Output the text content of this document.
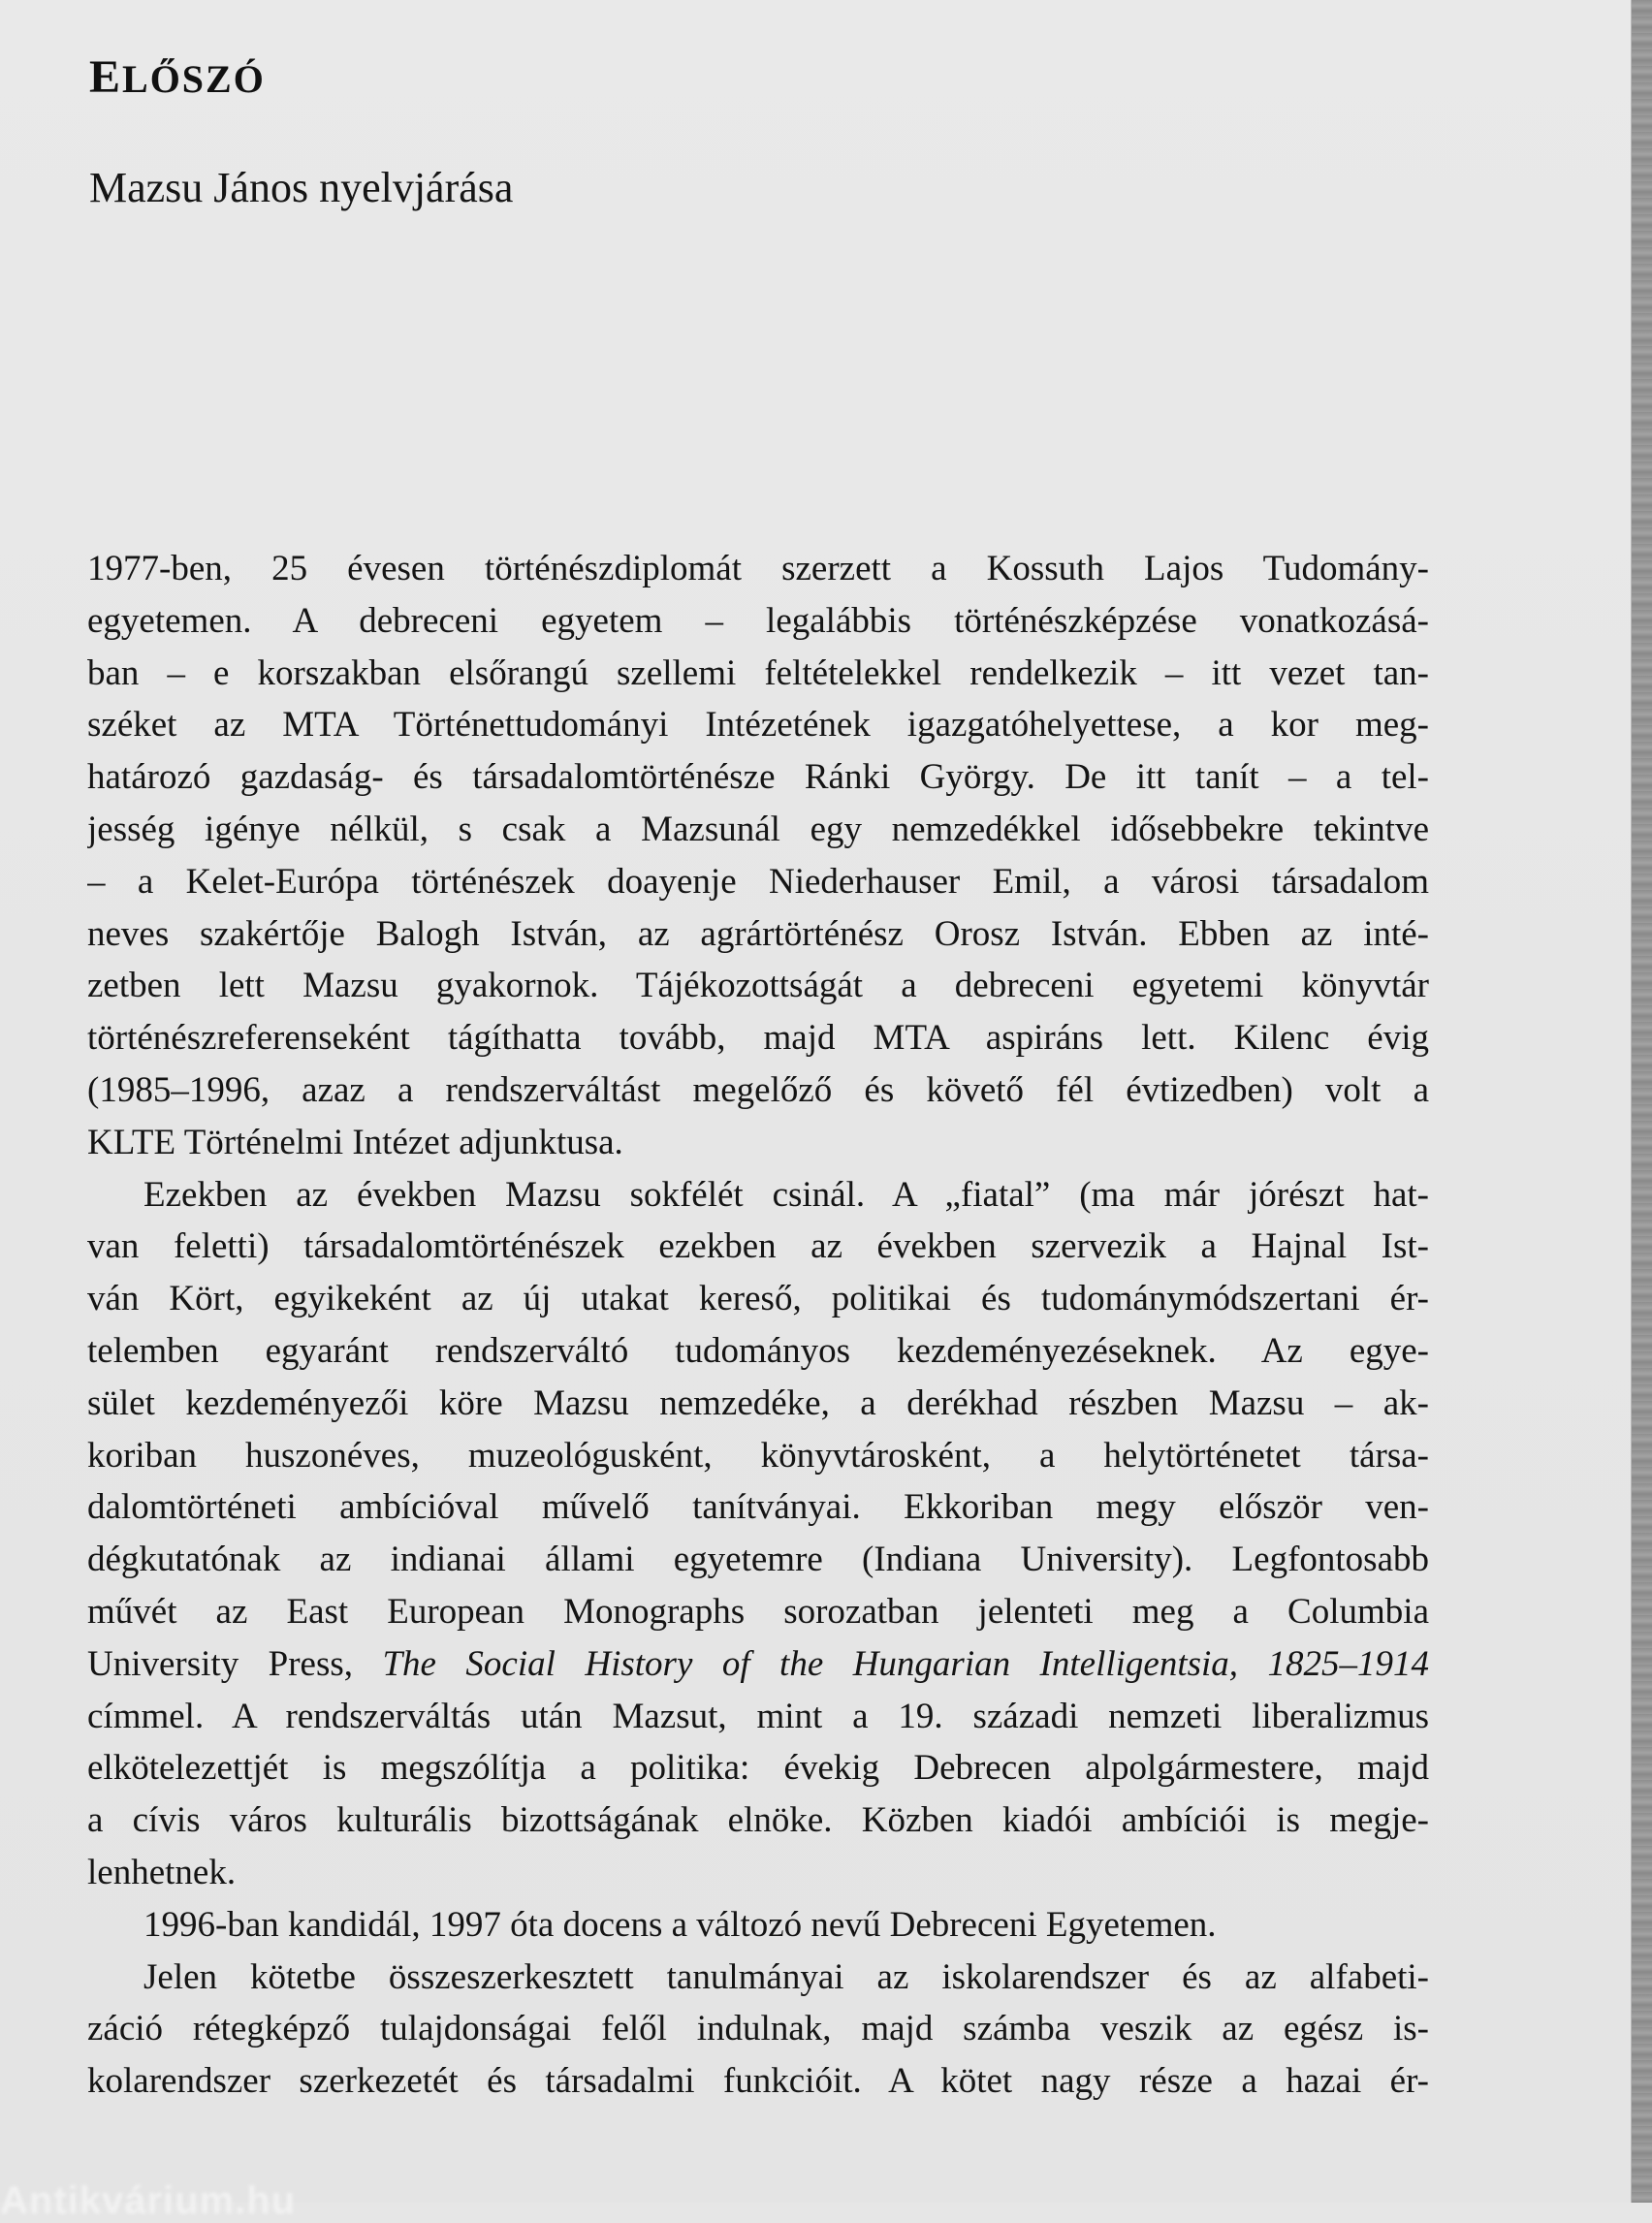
ELŐSZÓ
Mazsu János nyelvjárása
1977-ben, 25 évesen történészdiplomát szerzett a Kossuth Lajos Tudomány-
egyetemen. A debreceni egyetem – legalábbis történészképzése vonatkozásá-
ban – e korszakban elsőrangú szellemi feltételekkel rendelkezik – itt vezet tan-
széket az MTA Történettudományi Intézetének igazgatóhelyettese, a kor meg-
határozó gazdaság- és társadalomtörténésze Ránki György. De itt tanít – a tel-
jesség igénye nélkül, s csak a Mazsunál egy nemzedékkel idősebbekre tekintve
– a Kelet-Európa történészek doayenje Niederhauser Emil, a városi társadalom
neves szakértője Balogh István, az agrártörténész Orosz István. Ebben az inté-
zetben lett Mazsu gyakornok. Tájékozottságát a debreceni egyetemi könyvtár
történészreferenseként tágíthatta tovább, majd MTA aspiráns lett. Kilenc évig
(1985–1996, azaz a rendszerváltást megelőző és követő fél évtizedben) volt a
KLTE Történelmi Intézet adjunktusa.
Ezekben az években Mazsu sokfélét csinál. A „fiatal” (ma már jórészt hat-
van feletti) társadalomtörténészek ezekben az években szervezik a Hajnal Ist-
ván Kört, egyikeként az új utakat kereső, politikai és tudománymódszertani ér-
telemben egyaránt rendszerváltó tudományos kezdeményezéseknek. Az egye-
sület kezdeményezői köre Mazsu nemzedéke, a derékhad részben Mazsu – ak-
koriban huszonéves, muzeológusként, könyvtárosként, a helytörténetet társa-
dalomtörténeti ambícióval művelő tanítványai. Ekkoriban megy először ven-
dégkutatónak az indianai állami egyetemre (Indiana University). Legfontosabb
művét az East European Monographs sorozatban jelenteti meg a Columbia
University Press, The Social History of the Hungarian Intelligentsia, 1825–1914
címmel. A rendszerváltás után Mazsut, mint a 19. századi nemzeti liberalizmus
elkötelezettjét is megszólítja a politika: évekig Debrecen alpolgármestere, majd
a cívis város kulturális bizottságának elnöke. Közben kiadói ambíciói is megje-
lenhetnek.
1996-ban kandidál, 1997 óta docens a változó nevű Debreceni Egyetemen.
Jelen kötetbe összeszerkesztett tanulmányai az iskolarendszer és az alfabeti-
záció rétegképző tulajdonságai felől indulnak, majd számba veszik az egész is-
kolarendszer szerkezetét és társadalmi funkcióit. A kötet nagy része a hazai ér-
Antikvárium.hu
